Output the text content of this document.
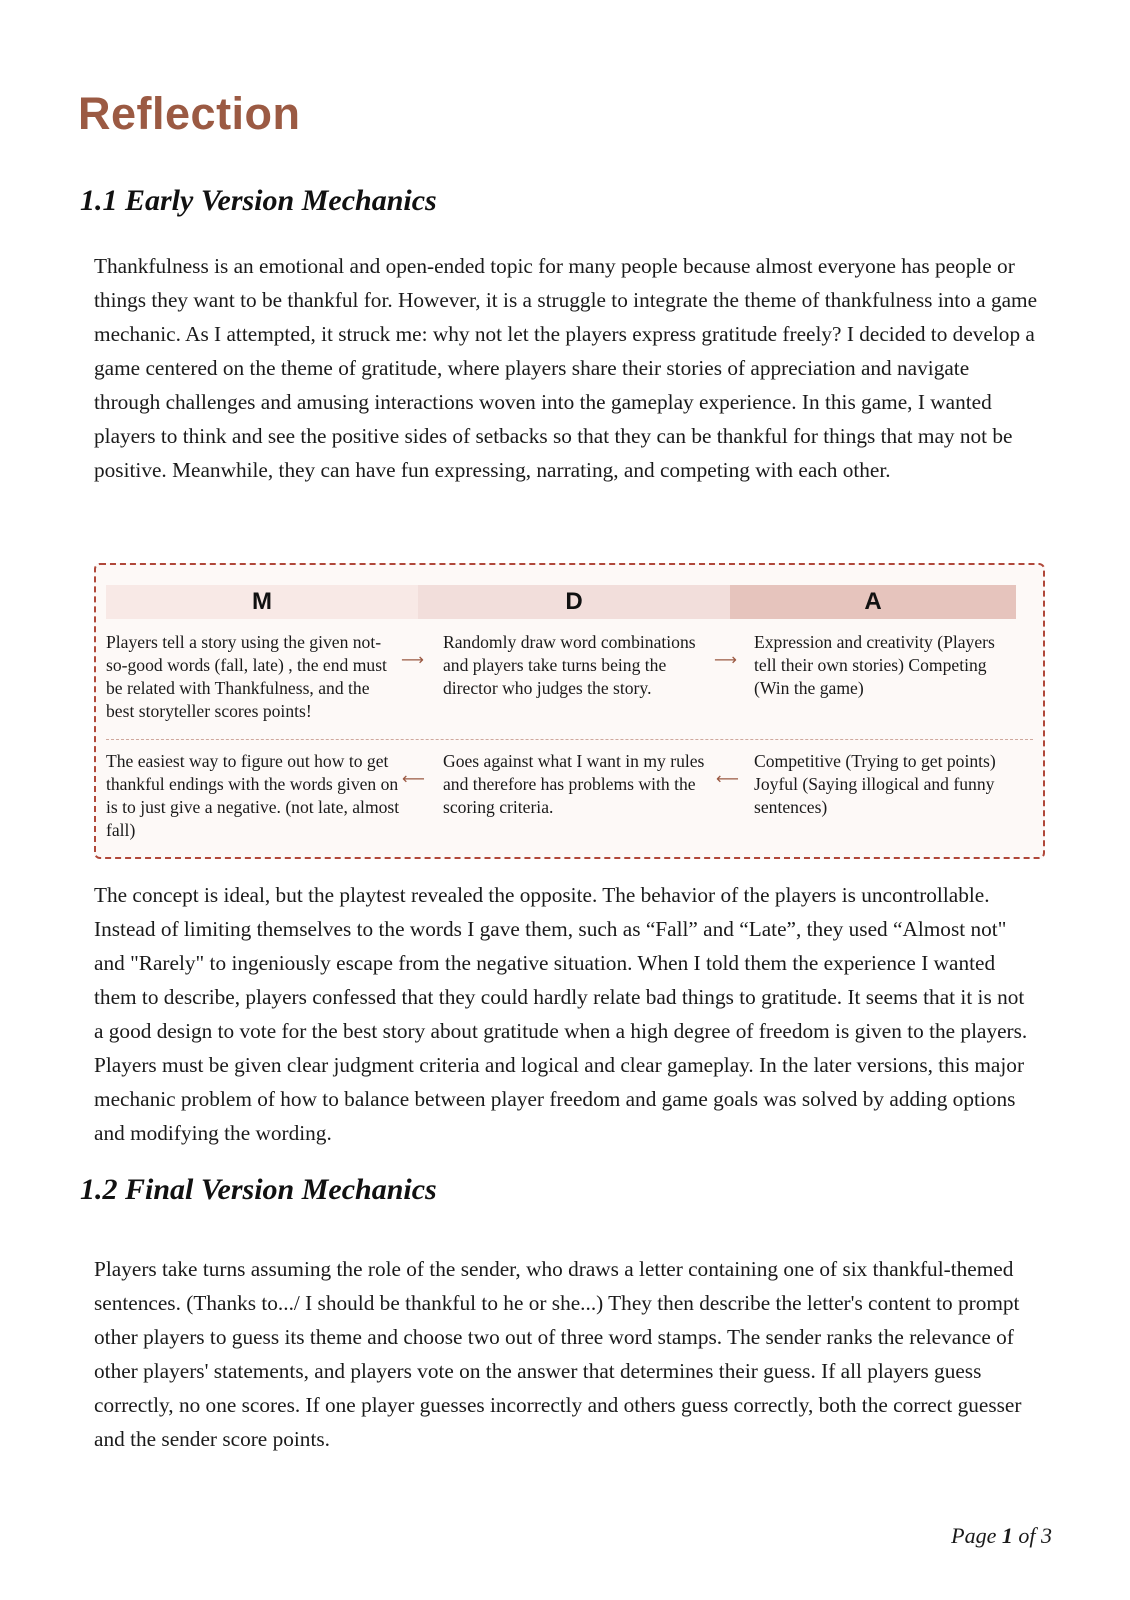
Reflection
1.1 Early Version Mechanics

Thankfulness is an emotional and open-ended topic for many people because almost everyone has people or things they want to be thankful for. However, it is a struggle to integrate the theme of thankfulness into a game mechanic. As I attempted, it struck me: why not let the players express gratitude freely? I decided to develop a game centered on the theme of gratitude, where players share their stories of appreciation and navigate through challenges and amusing interactions woven into the gameplay experience. In this game, I wanted players to think and see the positive sides of setbacks so that they can be thankful for things that may not be positive. Meanwhile, they can have fun expressing, narrating, and competing with each other.

M	D	A
Players tell a story using the given not-so-good words (fall, late) , the end must be related with Thankfulness, and the best storyteller scores points!
⟶
Randomly draw word combinations and players take turns being the director who judges the story.
⟶
Expression and creativity (Players tell their own stories) Competing (Win the game)
The easiest way to figure out how to get thankful endings with the words given on is to just give a negative. (not late, almost fall)
⟵
Goes against what I want in my rules and therefore has problems with the scoring criteria.
⟵
Competitive (Trying to get points) Joyful (Saying illogical and funny sentences)

The concept is ideal, but the playtest revealed the opposite. The behavior of the players is uncontrollable. Instead of limiting themselves to the words I gave them, such as “Fall” and “Late”, they used “Almost not" and "Rarely" to ingeniously escape from the negative situation. When I told them the experience I wanted them to describe, players confessed that they could hardly relate bad things to gratitude. It seems that it is not a good design to vote for the best story about gratitude when a high degree of freedom is given to the players. Players must be given clear judgment criteria and logical and clear gameplay. In the later versions, this major mechanic problem of how to balance between player freedom and game goals was solved by adding options and modifying the wording.

1.2 Final Version Mechanics

Players take turns assuming the role of the sender, who draws a letter containing one of six thankful-themed sentences. (Thanks to.../ I should be thankful to he or she...) They then describe the letter's content to prompt other players to guess its theme and choose two out of three word stamps. The sender ranks the relevance of other players' statements, and players vote on the answer that determines their guess. If all players guess correctly, no one scores. If one player guesses incorrectly and others guess correctly, both the correct guesser and the sender score points.

Page 1 of 3
